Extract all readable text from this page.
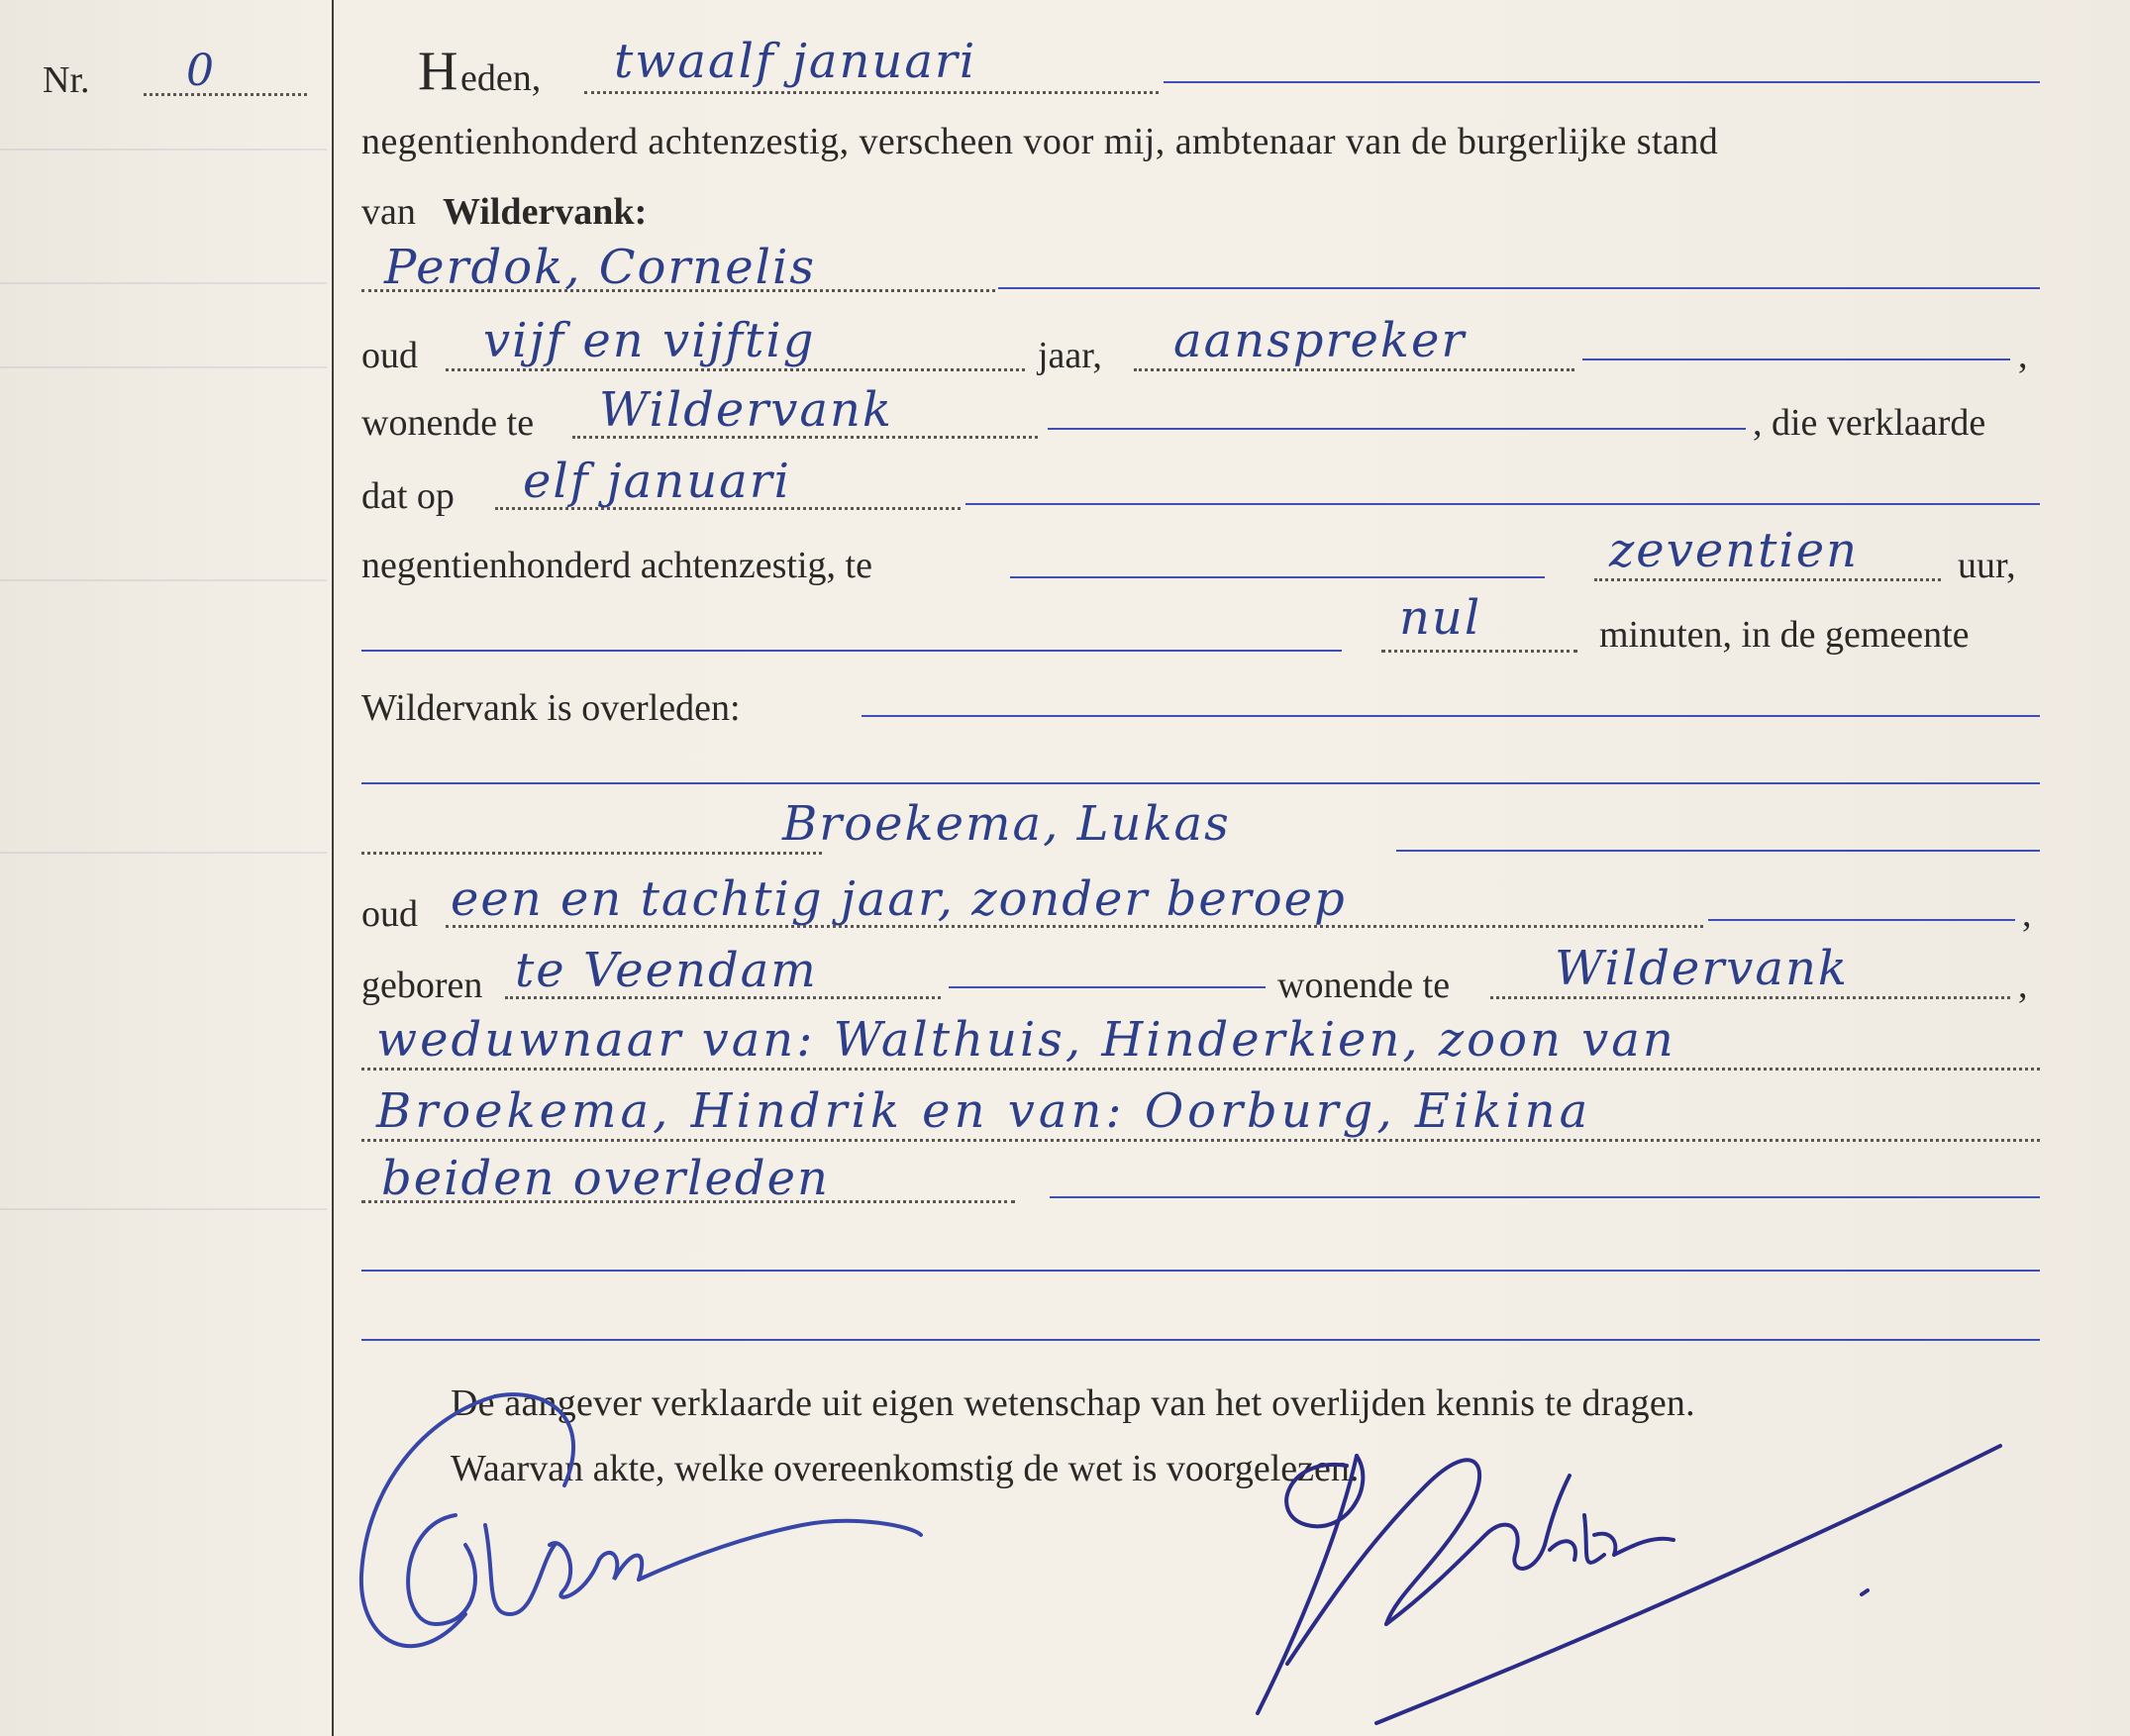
Nr. 0	H eden, twaalf januari
negentienhonderd achtenzestig, verscheen voor mij, ambtenaar van de burgerlijke stand
van Wildervank:
Perdok, Cornelis
oud vijf en vijftig	jaar, aanspreker	,
wonende te Wildervank	, die verklaarde
dat op elf januari
negentienhonderd achtenzestig, te	zeventien	uur,
nul	minuten, in de gemeente
Wildervank is overleden:
Broekema, Lukas
oud een en tachtig jaar, zonder beroep	,
geboren te Veendam	wonende te Wildervank	,
weduwnaar van: Walthuis, Hinderkien, zoon van
Broekema, Hindrik en van: Oorburg, Eikina
beiden overleden
De aangever verklaarde uit eigen wetenschap van het overlijden kennis te dragen.
Waarvan akte, welke overeenkomstig de wet is voorgelezen.
